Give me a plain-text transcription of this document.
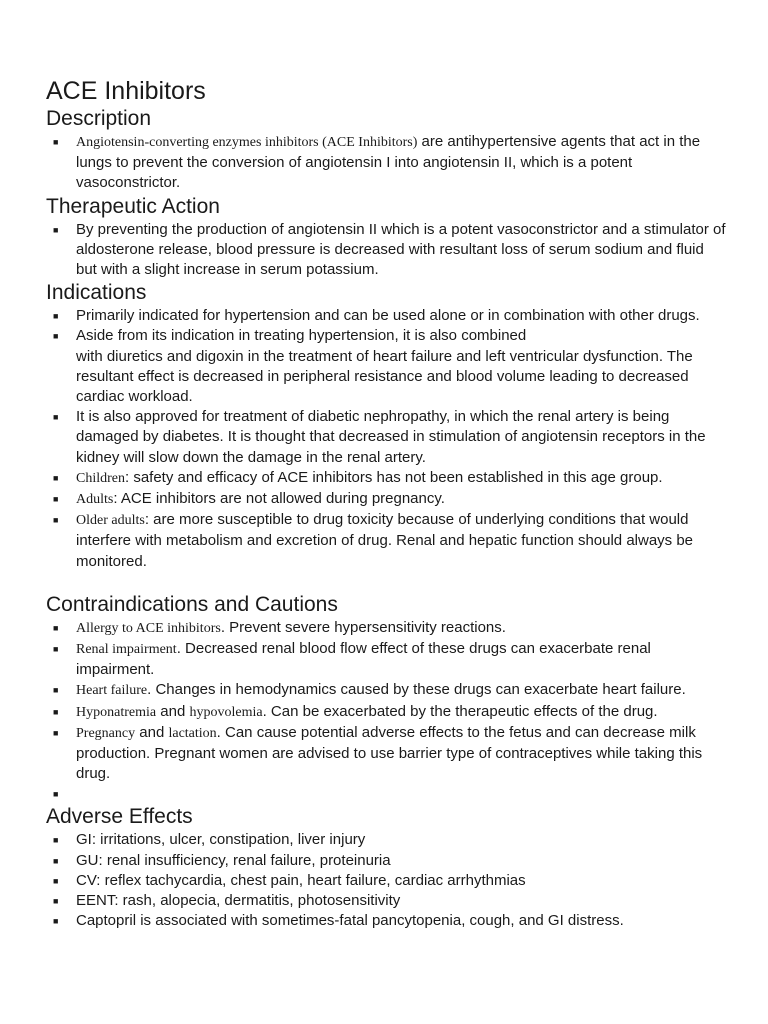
ACE Inhibitors
Description
■ Angiotensin-converting enzymes inhibitors (ACE Inhibitors) are antihypertensive agents that act in the lungs to prevent the conversion of angiotensin I into angiotensin II, which is a potent vasoconstrictor.
Therapeutic Action
■ By preventing the production of angiotensin II which is a potent vasoconstrictor and a stimulator of aldosterone release, blood pressure is decreased with resultant loss of serum sodium and fluid but with a slight increase in serum potassium.
Indications
■ Primarily indicated for hypertension and can be used alone or in combination with other drugs.
■ Aside from its indication in treating hypertension, it is also combined
with diuretics and digoxin in the treatment of heart failure and left ventricular dysfunction. The resultant effect is decreased in peripheral resistance and blood volume leading to decreased cardiac workload.
■ It is also approved for treatment of diabetic nephropathy, in which the renal artery is being damaged by diabetes. It is thought that decreased in stimulation of angiotensin receptors in the kidney will slow down the damage in the renal artery.
■ Children: safety and efficacy of ACE inhibitors has not been established in this age group.
■ Adults: ACE inhibitors are not allowed during pregnancy.
■ Older adults: are more susceptible to drug toxicity because of underlying conditions that would interfere with metabolism and excretion of drug. Renal and hepatic function should always be monitored.
Contraindications and Cautions
■ Allergy to ACE inhibitors. Prevent severe hypersensitivity reactions.
■ Renal impairment. Decreased renal blood flow effect of these drugs can exacerbate renal impairment.
■ Heart failure. Changes in hemodynamics caused by these drugs can exacerbate heart failure.
■ Hyponatremia and hypovolemia. Can be exacerbated by the therapeutic effects of the drug.
■ Pregnancy and lactation. Can cause potential adverse effects to the fetus and can decrease milk production. Pregnant women are advised to use barrier type of contraceptives while taking this drug.
■
Adverse Effects
■ GI: irritations, ulcer, constipation, liver injury
■ GU: renal insufficiency, renal failure, proteinuria
■ CV: reflex tachycardia, chest pain, heart failure, cardiac arrhythmias
■ EENT: rash, alopecia, dermatitis, photosensitivity
■ Captopril is associated with sometimes-fatal pancytopenia, cough, and GI distress.
